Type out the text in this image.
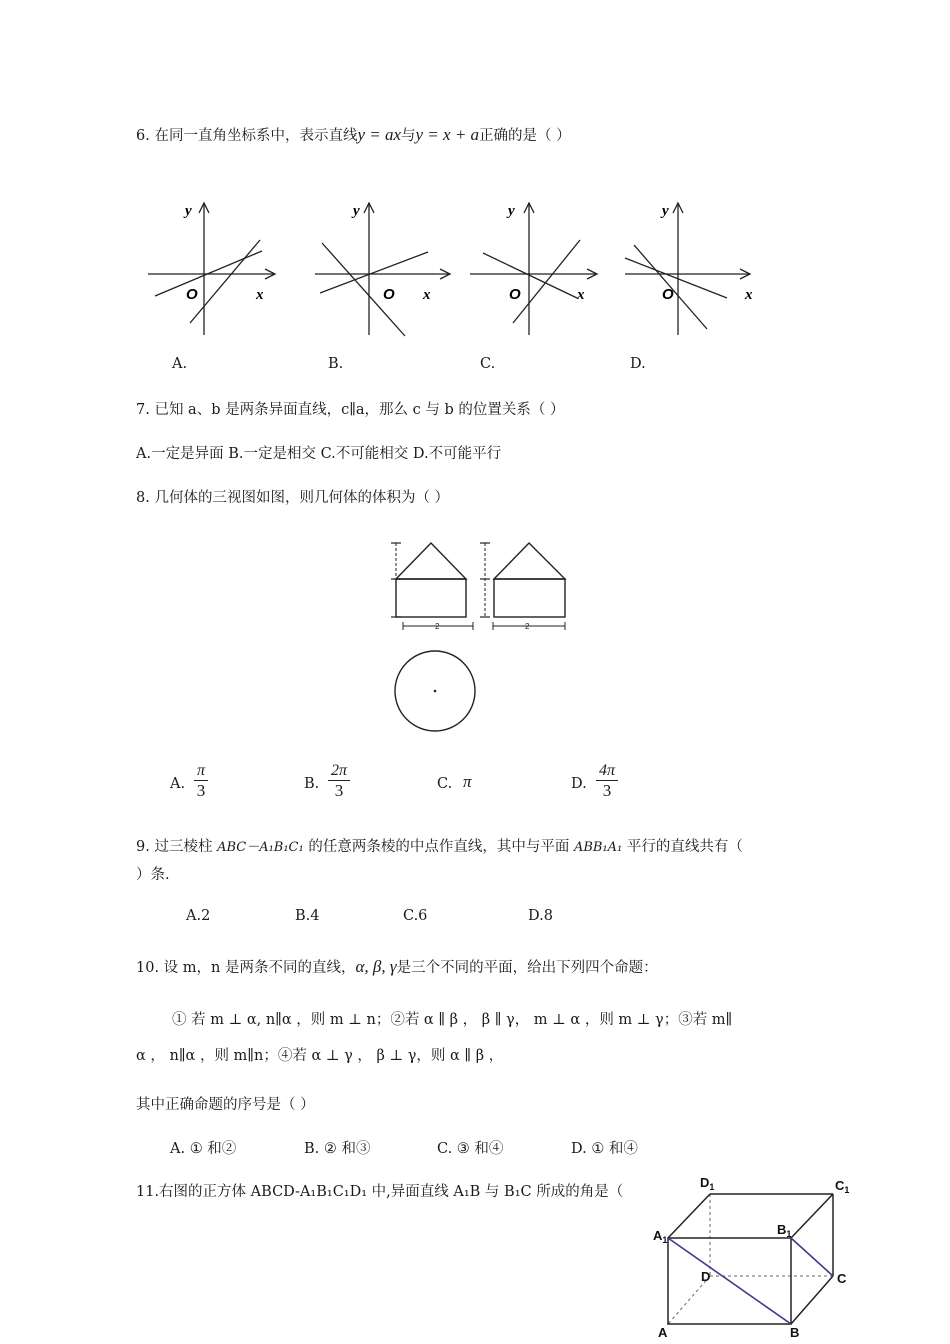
6. 在同一直角坐标系中，表示直线y = ax与y = x + a正确的是（ ）
y
O	x
y
O x
y
O	x
y
O	x
A.	B.	C.	D.
7. 已知 a、b 是两条异面直线，c∥a，那么 c 与 b 的位置关系（ ）
A.一定是异面 B.一定是相交 C.不可能相交 D.不可能平行
8. 几何体的三视图如图，则几何体的体积为（ ）
2	2
A. $\frac{\pi}{3}$	B. $\frac{2\pi}{3}$	C. π	D. $\frac{4\pi}{3}$
9. 过三棱柱 ABC－A₁B₁C₁ 的任意两条棱的中点作直线，其中与平面 ABB₁A₁ 平行的直线共有（
）条.
A.2	B.4	C.6	D.8
10. 设 m，n 是两条不同的直线，α, β, γ是三个不同的平面，给出下列四个命题：
① 若 m ⊥ α, n∥α ，则 m ⊥ n；②若 α ∥ β ， β ∥ γ， m ⊥ α ，则 m ⊥ γ；③若 m∥
α ， n∥α ，则 m∥n；④若 α ⊥ γ ， β ⊥ γ，则 α ∥ β ，
其中正确命题的序号是（ ）
A. ① 和②	B. ② 和③	C. ③ 和④	D. ① 和④
11.右图的正方体 ABCD-A₁B₁C₁D₁ 中,异面直线 A₁B 与 B₁C 所成的角是（
$D_1$	$C_1$
$A_1$
$B_1$
D	C
A	B
